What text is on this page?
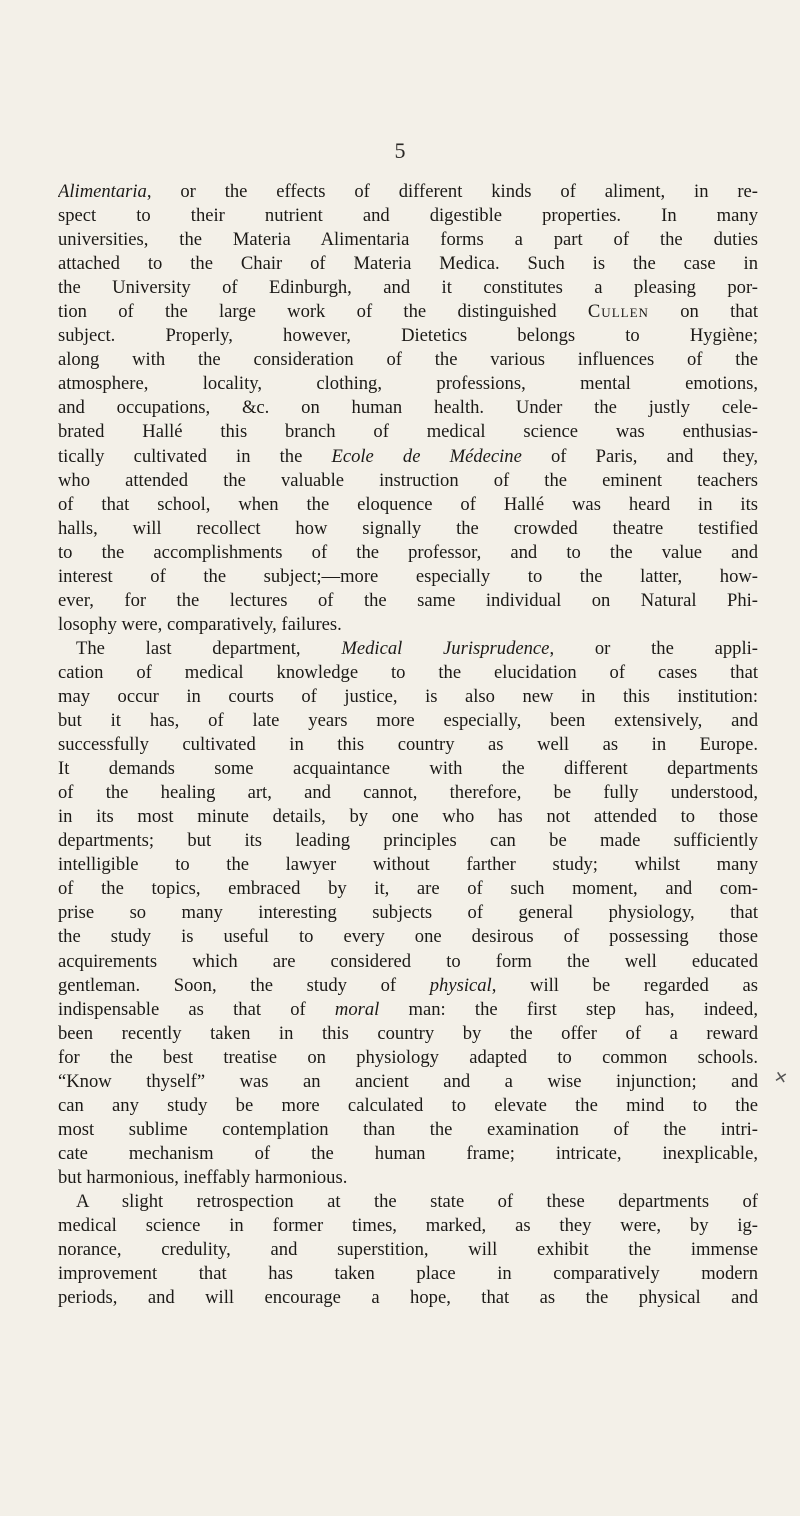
5
Alimentaria, or the effects of different kinds of aliment, in re-
spect to their nutrient and digestible properties. In many
universities, the Materia Alimentaria forms a part of the duties
attached to the Chair of Materia Medica. Such is the case in
the University of Edinburgh, and it constitutes a pleasing por-
tion of the large work of the distinguished Cullen on that
subject. Properly, however, Dietetics belongs to Hygiène;
along with the consideration of the various influences of the
atmosphere, locality, clothing, professions, mental emotions,
and occupations, &c. on human health. Under the justly cele-
brated Hallé this branch of medical science was enthusias-
tically cultivated in the Ecole de Médecine of Paris, and they,
who attended the valuable instruction of the eminent teachers
of that school, when the eloquence of Hallé was heard in its
halls, will recollect how signally the crowded theatre testified
to the accomplishments of the professor, and to the value and
interest of the subject;—more especially to the latter, how-
ever, for the lectures of the same individual on Natural Phi-
losophy were, comparatively, failures.
The last department, Medical Jurisprudence, or the appli-
cation of medical knowledge to the elucidation of cases that
may occur in courts of justice, is also new in this institution:
but it has, of late years more especially, been extensively, and
successfully cultivated in this country as well as in Europe.
It demands some acquaintance with the different departments
of the healing art, and cannot, therefore, be fully understood,
in its most minute details, by one who has not attended to those
departments; but its leading principles can be made sufficiently
intelligible to the lawyer without farther study; whilst many
of the topics, embraced by it, are of such moment, and com-
prise so many interesting subjects of general physiology, that
the study is useful to every one desirous of possessing those
acquirements which are considered to form the well educated
gentleman. Soon, the study of physical, will be regarded as
indispensable as that of moral man: the first step has, indeed,
been recently taken in this country by the offer of a reward
for the best treatise on physiology adapted to common schools.
“Know thyself” was an ancient and a wise injunction; and
can any study be more calculated to elevate the mind to the
most sublime contemplation than the examination of the intri-
cate mechanism of the human frame; intricate, inexplicable,
but harmonious, ineffably harmonious.
A slight retrospection at the state of these departments of
medical science in former times, marked, as they were, by ig-
norance, credulity, and superstition, will exhibit the immense
improvement that has taken place in comparatively modern
periods, and will encourage a hope, that as the physical and
✕
